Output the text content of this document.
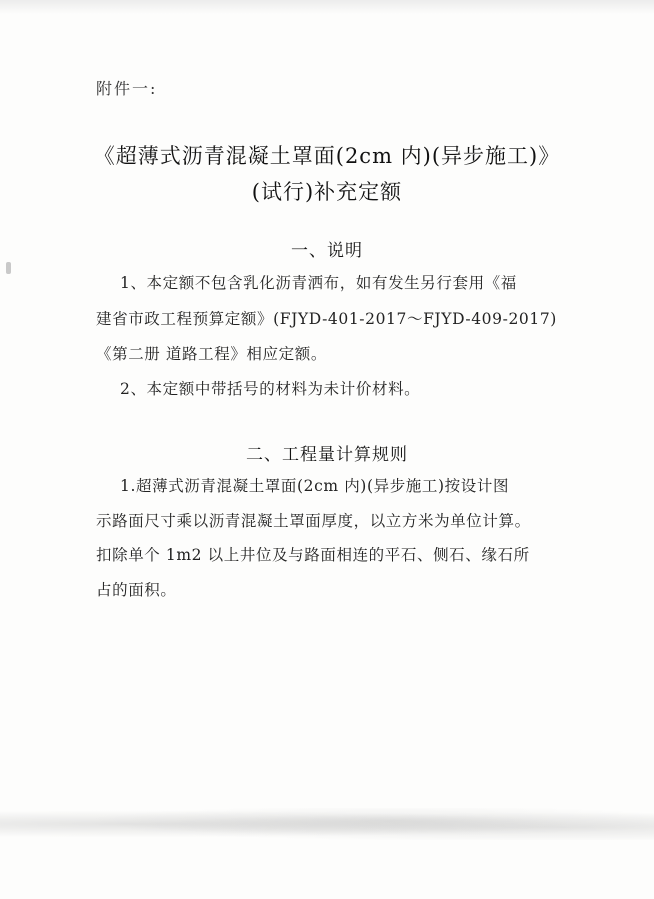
附件一:
《超薄式沥青混凝土罩面(2cm 内)(异步施工)》
(试行)补充定额
一、说明
1、本定额不包含乳化沥青洒布，如有发生另行套用《福
建省市政工程预算定额》(FJYD-401-2017～FJYD-409-2017)
《第二册 道路工程》相应定额。
2、本定额中带括号的材料为未计价材料。
二、工程量计算规则
1.超薄式沥青混凝土罩面(2cm 内)(异步施工)按设计图
示路面尺寸乘以沥青混凝土罩面厚度，以立方米为单位计算。
扣除单个 1m2 以上井位及与路面相连的平石、侧石、缘石所
占的面积。
